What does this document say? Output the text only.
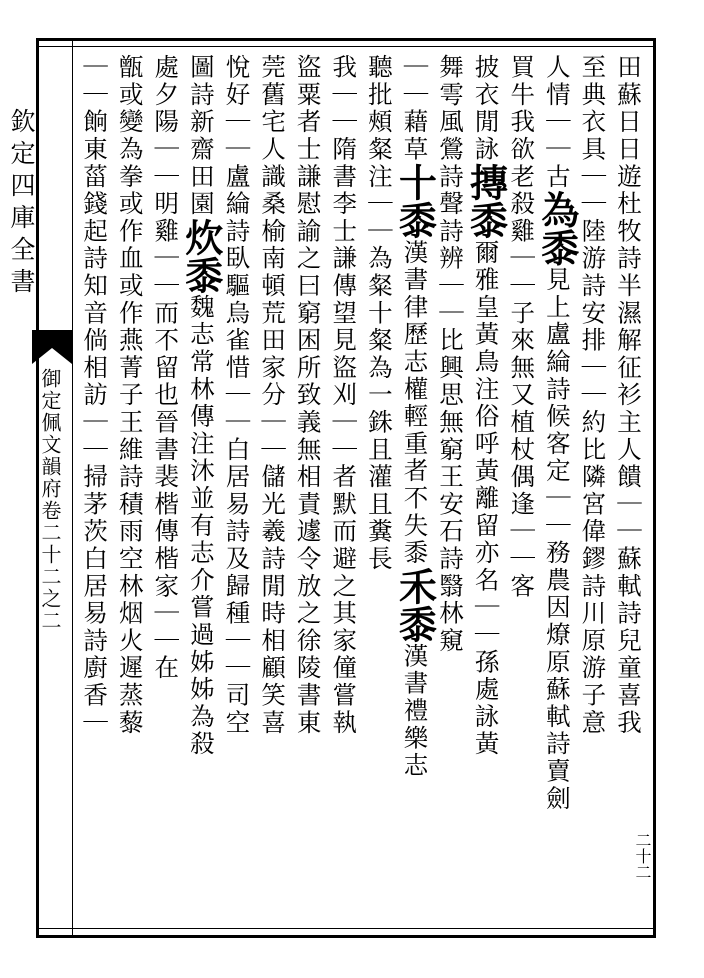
欽定四庫全書
御定佩文韻府卷二十二之二	田蘇日日遊杜牧詩半濕解征衫主人饋｜｜蘇軾詩兒童喜我
至典衣具｜｜陸游詩安排｜｜約比隣宮偉鏐詩川原游子意
人情｜｜古為黍見上盧綸詩候客定｜｜務農因燎原蘇軾詩賣劍
買牛我欲老殺雞｜｜子來無又植杖偶逢｜｜客
披衣閒詠摶黍爾雅皇黃鳥注俗呼黃離留亦名｜｜孫處詠黃
舞雩風鶯詩聲詩辨｜｜比興思無窮王安石詩翳林窺
｜｜藉草十黍漢書律歷志權輕重者不失黍禾黍漢書禮樂志
聽批頰粲注｜｜為粲十粲為一銖且灌且糞長
我｜｜隋書李士謙傳望見盜刈｜｜者默而避之其家僮嘗執
盜粟者士謙慰諭之曰窮困所致義無相責遽令放之徐陵書東
莞舊宅人識桑榆南頓荒田家分｜｜儲光羲詩閒時相顧笑喜
悅好｜｜盧綸詩臥驅烏雀惜｜｜白居易詩及歸種｜｜司空
圖詩新齋田園炊黍魏志常林傳注沐並有志介嘗過姊姊為殺
處夕陽｜｜明雞｜｜而不留也晉書裴楷傳楷家｜｜在
甑或變為拳或作血或作燕菁子王維詩積雨空林烟火遲蒸藜
｜｜餉東菑錢起詩知音倘相訪｜｜掃茅茨白居易詩廚香｜
二十二
